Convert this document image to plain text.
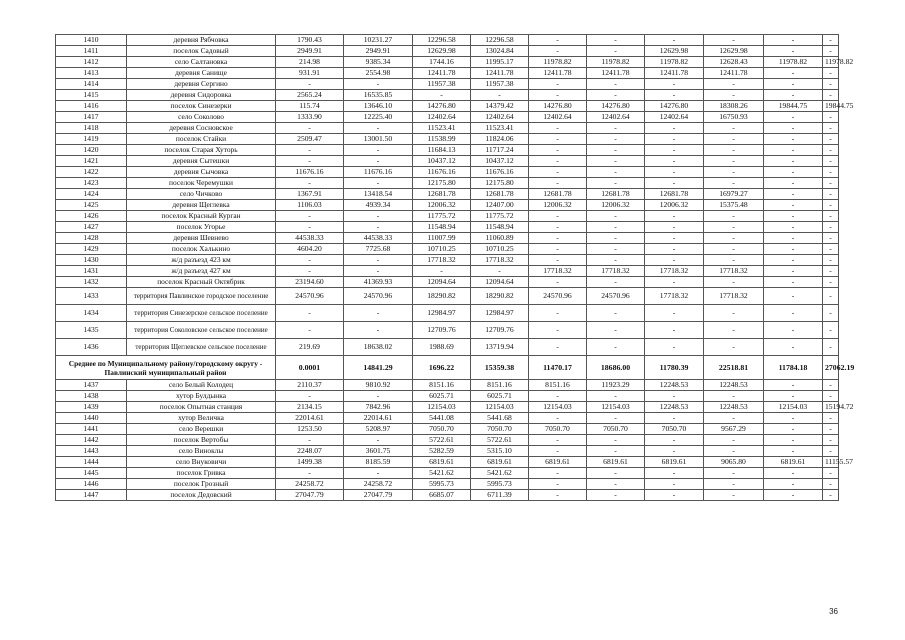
1410	деревня Рябчовка	1790.43	10231.27	12296.58	12296.58	-	-	-	-	-	-
1411	поселок Садовый	2949.91	2949.91	12629.98	13024.84	-	-	12629.98	12629.98	-	-
1412	село Салтановка	214.98	9385.34	1744.16	11995.17	11978.82	11978.82	11978.82	12628.43	11978.82	11978.82
1413	деревня Санище	931.91	2554.98	12411.78	12411.78	12411.78	12411.78	12411.78	12411.78	-	-
1414	деревня Сергино	-	-	11957.38	11957.38	-	-	-	-	-	-
1415	деревня Сидоровка	2565.24	16535.85	-	-	-	-	-	-	-	-
1416	поселок Синезерки	115.74	13646.10	14276.80	14379.42	14276.80	14276.80	14276.80	18308.26	19844.75	19844.75
1417	село Соколово	1333.90	12225.40	12402.64	12402.64	12402.64	12402.64	12402.64	16750.93	-	-
1418	деревня Сосновское	-	-	11523.41	11523.41	-	-	-	-	-	-
1419	поселок Стайки	2509.47	13001.50	11538.99	11824.06	-	-	-	-	-	-
1420	поселок Старая Хуторь	-	-	11684.13	11717.24	-	-	-	-	-	-
1421	деревня Сытешки	-	-	10437.12	10437.12	-	-	-	-	-	-
1422	деревня Сычовка	11676.16	11676.16	11676.16	11676.16	-	-	-	-	-	-
1423	поселок Черемушки	-	-	12175.80	12175.80	-	-	-	-	-	-
1424	село Чичково	1367.91	13418.54	12681.78	12681.78	12681.78	12681.78	12681.78	16979.27	-	-
1425	деревня Щеглевка	1106.03	4939.34	12006.32	12407.00	12006.32	12006.32	12006.32	15375.48	-	-
1426	поселок Красный Курган	-	-	11775.72	11775.72	-	-	-	-	-	-
1427	поселок Угорье	-	-	11548.94	11548.94	-	-	-	-	-	-
1428	деревня Шевнево	44538.33	44538.33	11007.99	11060.89	-	-	-	-	-	-
1429	поселок Халькино	4604.20	7725.68	10710.25	10710.25	-	-	-	-	-	-
1430	ж/д разъезд 423 км	-	-	17718.32	17718.32	-	-	-	-	-	-
1431	ж/д разъезд 427 км	-	-	-	-	17718.32	17718.32	17718.32	17718.32	-	-
1432	поселок Красный Октябрик	23194.60	41369.93	12094.64	12094.64	-	-	-	-	-	-
1433	территория Павлинское городское поселение	24570.96	24570.96	18290.82	18290.82	24570.96	24570.96	17718.32	17718.32	-	-
1434	территория Синезерское сельское поселение	-	-	12984.97	12984.97	-	-	-	-	-	-
1435	территория Соколовское сельское поселение	-	-	12709.76	12709.76	-	-	-	-	-	-
1436	территория Щеглевское сельское поселение	219.69	18638.02	1988.69	13719.94	-	-	-	-	-	-
Среднее по Муниципальному району/городскому округу - Павлинский муниципальный район		0.0001	14841.29	1696.22	15359.38	11470.17	18686.00	11780.39	22518.81	11784.18	27062.19
1437	село Белый Колодец	2110.37	9810.92	8151.16	8151.16	8151.16	11923.29	12248.53	12248.53	-	-
1438	хутор Булдынка	-	-	6025.71	6025.71	-	-	-	-	-	-
1439	поселок Опытная станция	2134.15	7842.96	12154.03	12154.03	12154.03	12154.03	12248.53	12248.53	12154.03	15194.72
1440	хутор Величка	22014.61	22014.61	5441.08	5441.68	-	-	-	-	-	-
1441	село Верешки	1253.50	5208.97	7050.70	7050.70	7050.70	7050.70	7050.70	9567.29	-	-
1442	поселок Вертобы	-	-	5722.61	5722.61	-	-	-	-	-	-
1443	село Виноклы	2248.07	3601.75	5282.59	5315.10	-	-	-	-	-	-
1444	село Внуковичи	1499.38	8185.59	6819.61	6819.61	6819.61	6819.61	6819.61	9065.80	6819.61	11155.57
1445	поселок Гривка	-	-	5421.62	5421.62	-	-	-	-	-	-
1446	поселок Грозный	24258.72	24258.72	5995.73	5995.73	-	-	-	-	-	-
1447	поселок Дедовский	27047.79	27047.79	6685.07	6711.39	-	-	-	-	-	-
36
